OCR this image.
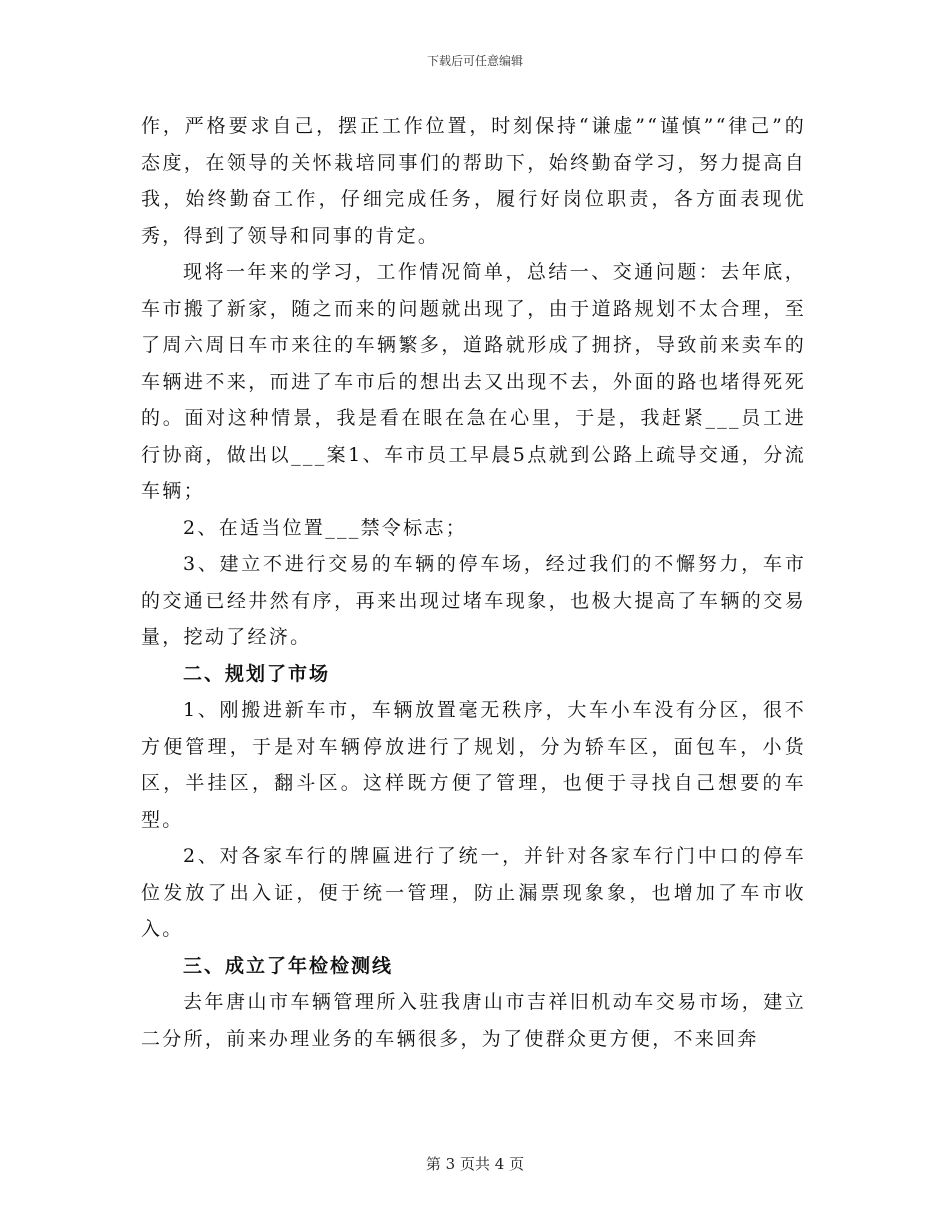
下载后可任意编辑

作，严格要求自己，摆正工作位置，时刻保持“谦虚”“谨慎”“律己”的态度，在领导的关怀栽培同事们的帮助下，始终勤奋学习，努力提高自我，始终勤奋工作，仔细完成任务，履行好岗位职责，各方面表现优秀，得到了领导和同事的肯定。

现将一年来的学习，工作情况简单，总结一、交通问题：去年底，车市搬了新家，随之而来的问题就出现了，由于道路规划不太合理，至了周六周日车市来往的车辆繁多，道路就形成了拥挤，导致前来卖车的车辆进不来，而进了车市后的想出去又出现不去，外面的路也堵得死死的。面对这种情景，我是看在眼在急在心里，于是，我赶紧___员工进行协商，做出以___案1、车市员工早晨5点就到公路上疏导交通，分流车辆；

2、在适当位置___禁令标志；

3、建立不进行交易的车辆的停车场，经过我们的不懈努力，车市的交通已经井然有序，再来出现过堵车现象，也极大提高了车辆的交易量，挖动了经济。

二、规划了市场

1、刚搬进新车市，车辆放置毫无秩序，大车小车没有分区，很不方便管理，于是对车辆停放进行了规划，分为轿车区，面包车，小货区，半挂区，翻斗区。这样既方便了管理，也便于寻找自己想要的车型。

2、对各家车行的牌匾进行了统一，并针对各家车行门中口的停车位发放了出入证，便于统一管理，防止漏票现象象，也增加了车市收入。

三、成立了年检检测线

去年唐山市车辆管理所入驻我唐山市吉祥旧机动车交易市场，建立二分所，前来办理业务的车辆很多，为了使群众更方便，不来回奔

第 3 页共 4 页
